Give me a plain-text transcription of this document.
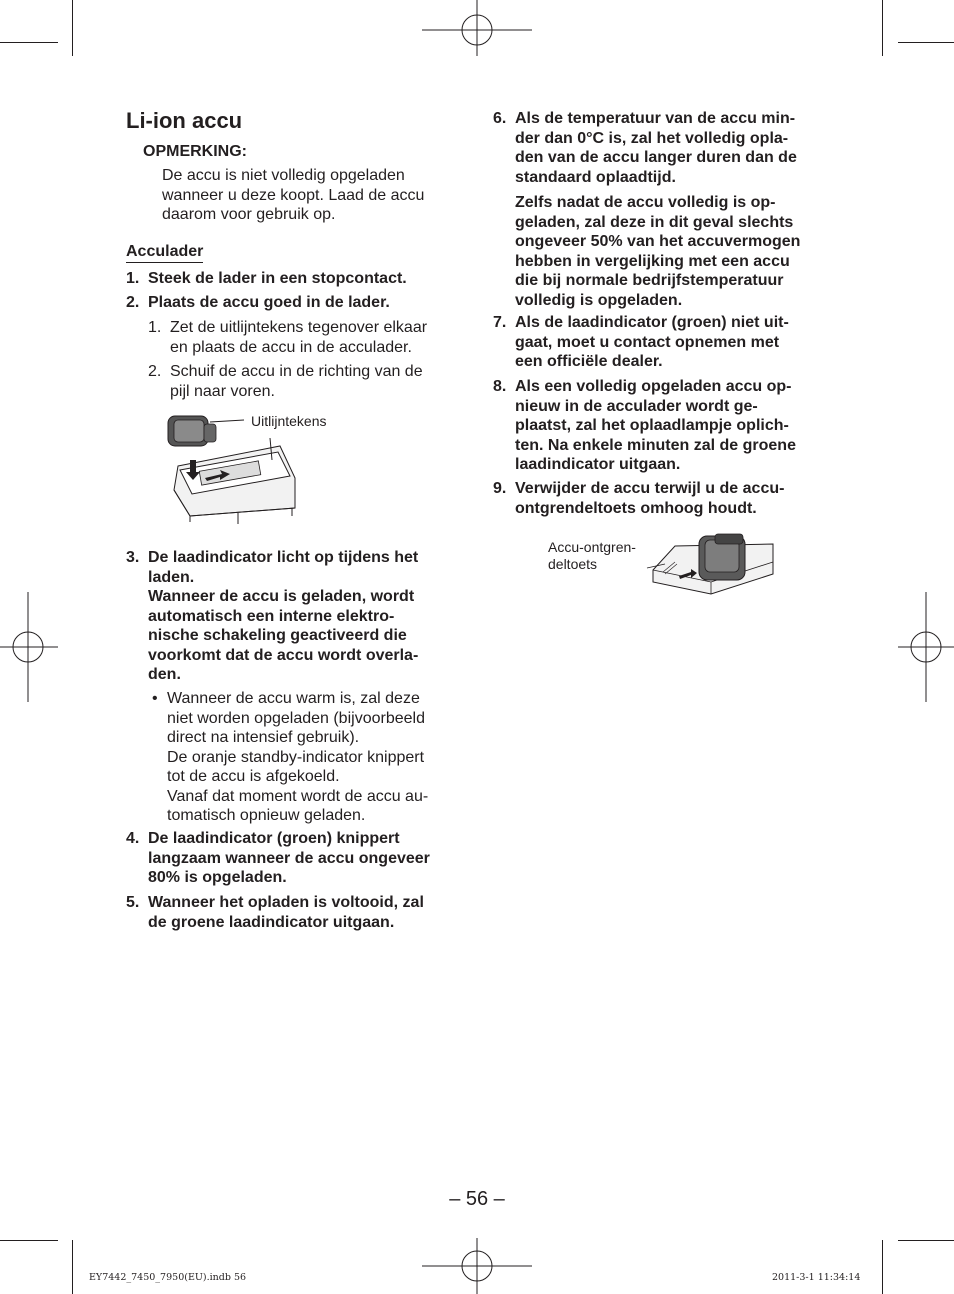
Li-ion accu
OPMERKING:
De accu is niet volledig opgeladen
wanneer u deze koopt. Laad de accu
daarom voor gebruik op.
Acculader
1. Steek de lader in een stopcontact.
2. Plaats de accu goed in de lader.
1. Zet de uitlijntekens tegenover elkaar
en plaats de accu in de acculader.
2. Schuif de accu in de richting van de
pijl naar voren.
Uitlijntekens
3. De laadindicator licht op tijdens het
laden.
Wanneer de accu is geladen, wordt
automatisch een interne elektro-
nische schakeling geactiveerd die
voorkomt dat de accu wordt overla-
den.
• Wanneer de accu warm is, zal deze
niet worden opgeladen (bijvoorbeeld
direct na intensief gebruik).
De oranje standby-indicator knippert
tot de accu is afgekoeld.
Vanaf dat moment wordt de accu au-
tomatisch opnieuw geladen.
4. De laadindicator (groen) knippert
langzaam wanneer de accu ongeveer
80% is opgeladen.
5. Wanneer het opladen is voltooid, zal
de groene laadindicator uitgaan.
6. Als de temperatuur van de accu min-
der dan 0°C is, zal het volledig opla-
den van de accu langer duren dan de
standaard oplaadtijd.
Zelfs nadat de accu volledig is op-
geladen, zal deze in dit geval slechts
ongeveer 50% van het accuvermogen
hebben in vergelijking met een accu
die bij normale bedrijfstemperatuur
volledig is opgeladen.
7. Als de laadindicator (groen) niet uit-
gaat, moet u contact opnemen met
een officiële dealer.
8. Als een volledig opgeladen accu op-
nieuw in de acculader wordt ge-
plaatst, zal het oplaadlampje oplich-
ten. Na enkele minuten zal de groene
laadindicator uitgaan.
9. Verwijder de accu terwijl u de accu-
ontgrendeltoets omhoog houdt.
Accu-ontgren-
deltoets
– 56 –
EY7442_7450_7950(EU).indb 56	2011-3-1 11:34:14
